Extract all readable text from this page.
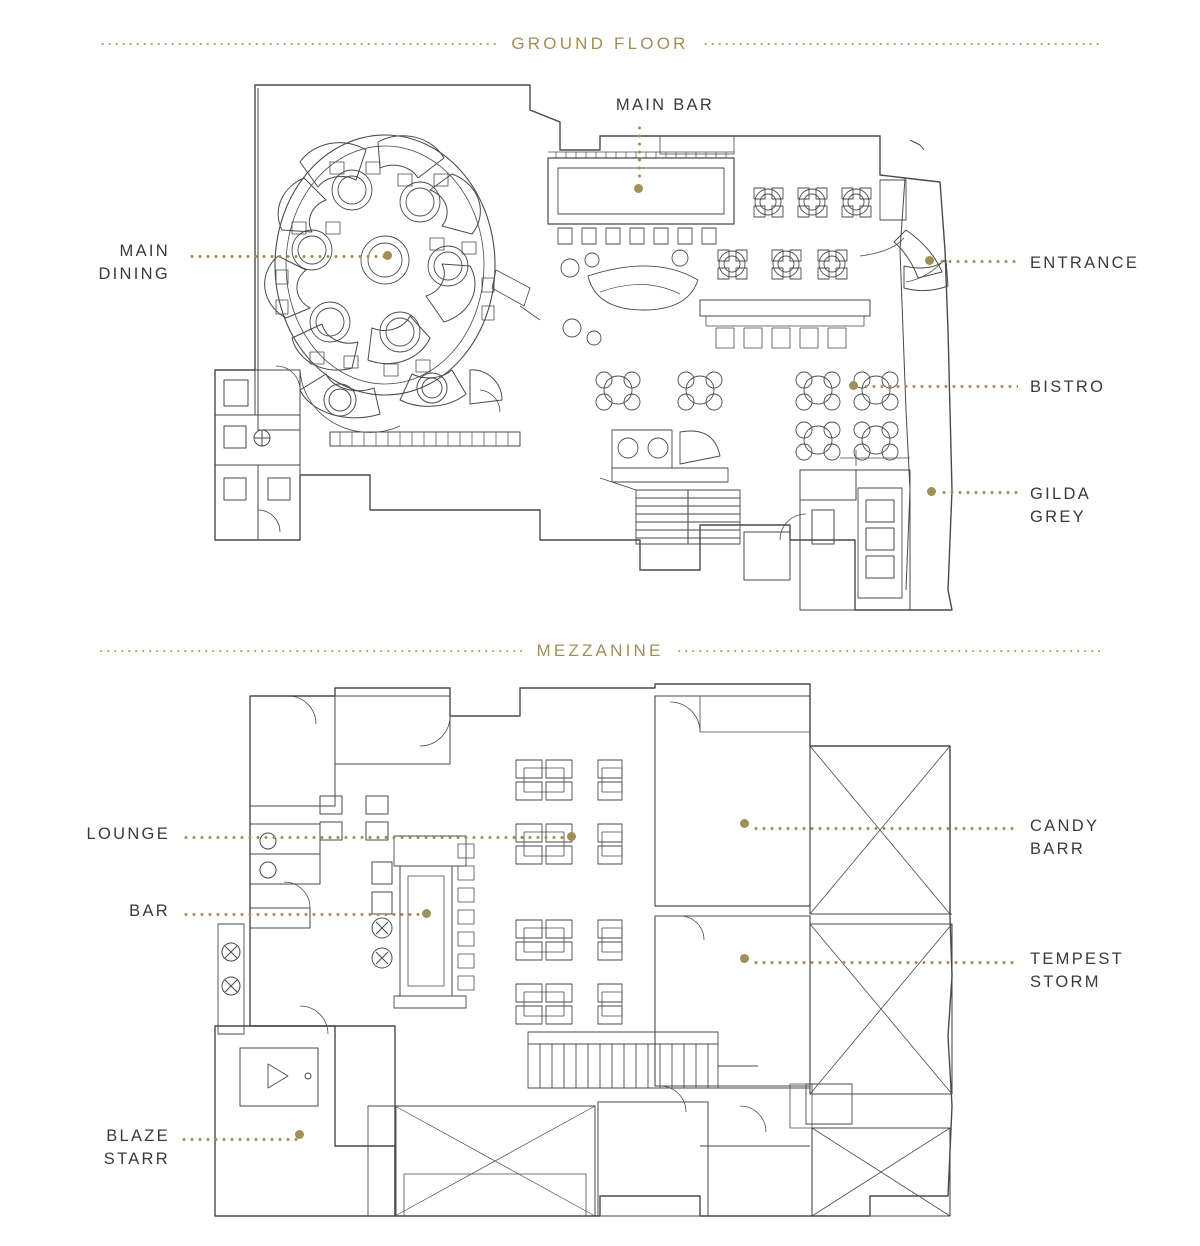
GROUND FLOOR
MAIN BAR
MAIN
DINING
ENTRANCE
BISTRO
GILDA
GREY
MEZZANINE
LOUNGE
BAR
BLAZE
STARR
CANDY
BARR
TEMPEST
STORM
